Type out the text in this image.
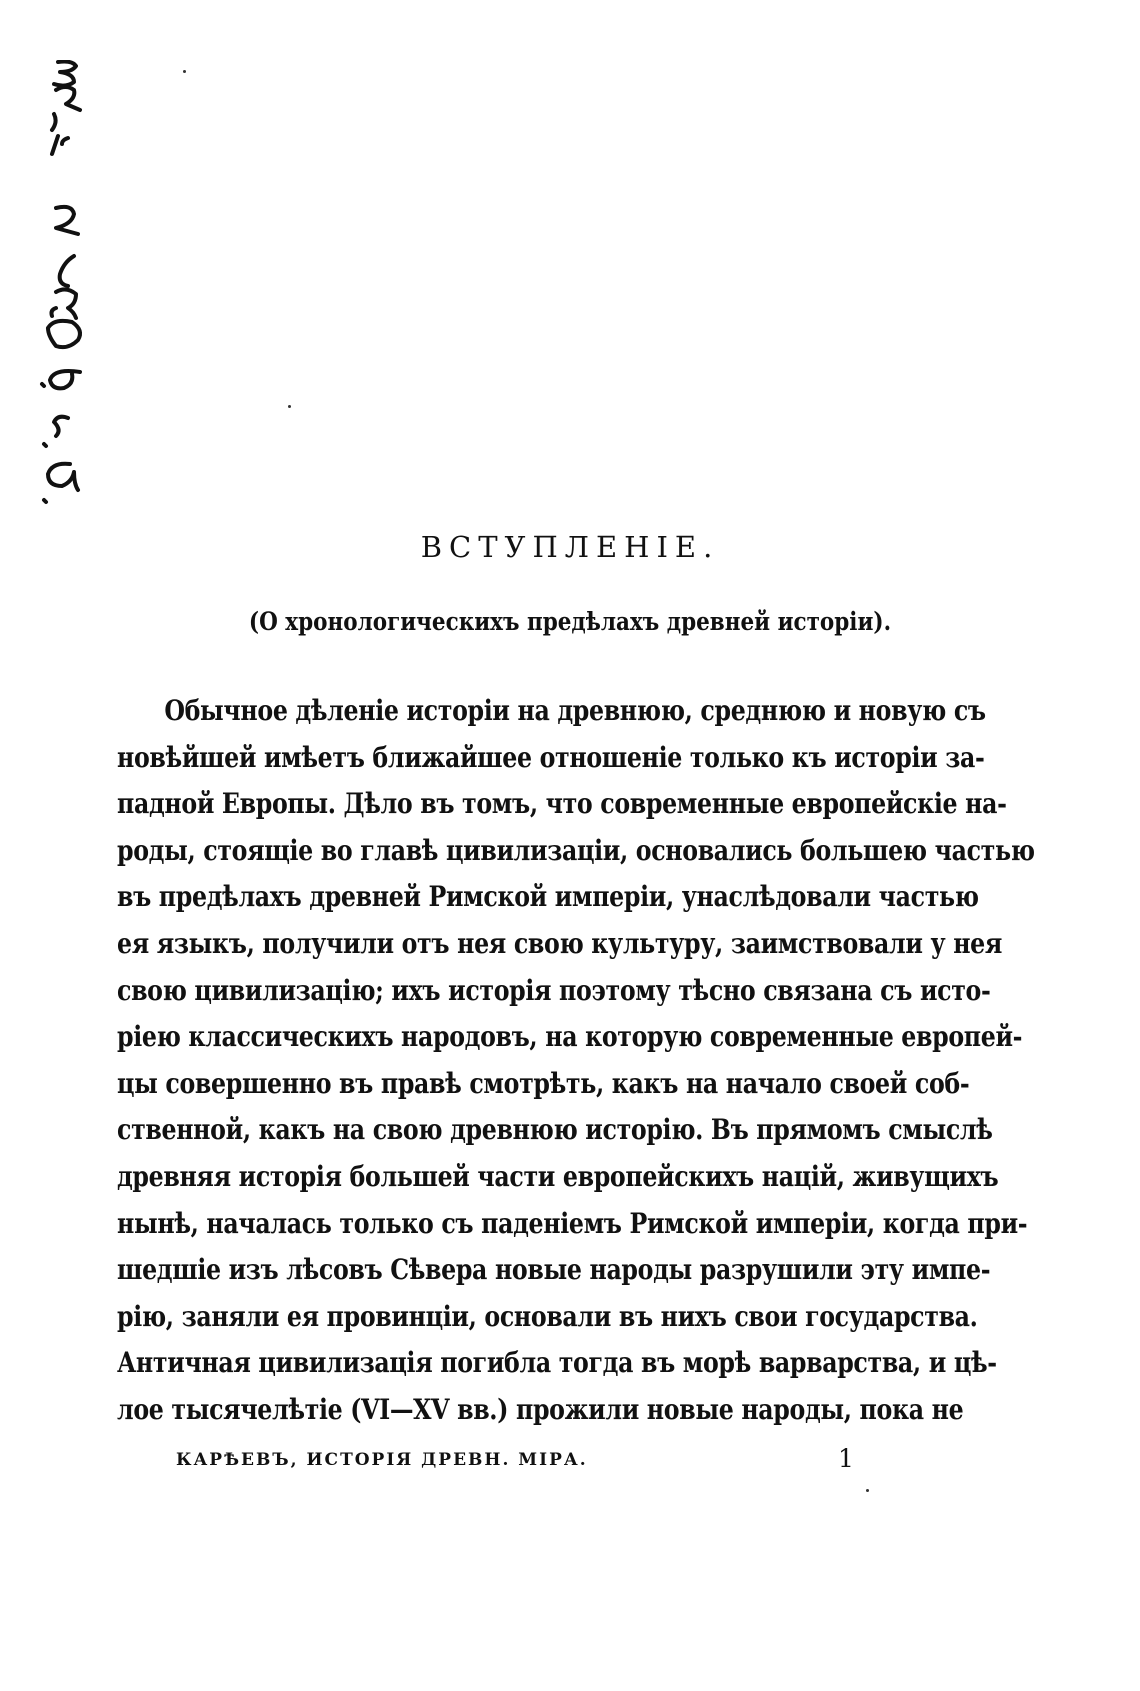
ВСТУПЛЕНІЕ.
(О хронологическихъ предѣлахъ древней исторіи).
Обычное дѣленіе исторіи на древнюю, среднюю и новую съ
новѣйшей имѣетъ ближайшее отношеніе только къ исторіи за-
падной Европы. Дѣло въ томъ, что современные европейскіе на-
роды, стоящіе во главѣ цивилизаціи, основались большею частью
въ предѣлахъ древней Римской имперіи, унаслѣдовали частью
ея языкъ, получили отъ нея свою культуру, заимствовали у нея
свою цивилизацію; ихъ исторія поэтому тѣсно связана съ исто-
ріею классическихъ народовъ, на которую современные европей-
цы совершенно въ правѣ смотрѣть, какъ на начало своей соб-
ственной, какъ на свою древнюю исторію. Въ прямомъ смыслѣ
древняя исторія большей части европейскихъ націй, живущихъ
нынѣ, началась только съ паденіемъ Римской имперіи, когда при-
шедшіе изъ лѣсовъ Сѣвера новые народы разрушили эту импе-
рію, заняли ея провинціи, основали въ нихъ свои государства.
Античная цивилизація погибла тогда въ морѣ варварства, и цѣ-
лое тысячелѣтіе (VI—XV вв.) прожили новые народы, пока не
КАРѢЕВЪ, ИСТОРІЯ ДРЕВН. МІРА.	1
